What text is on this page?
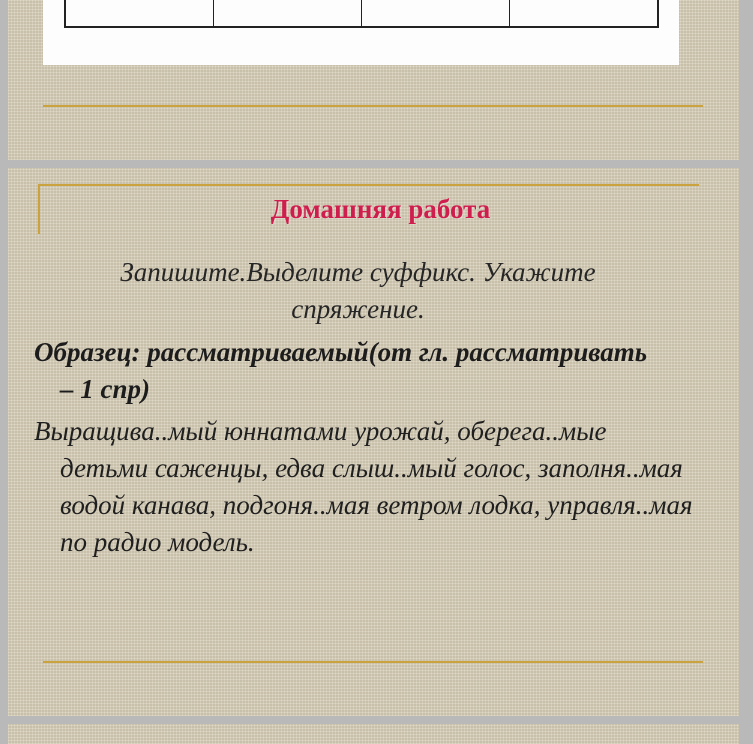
Домашняя работа
Запишите.Выделите суффикс. Укажите спряжение.
Образец: рассматриваемый(от гл. рассматривать – 1 спр)
Выращива..мый юннатами урожай, оберега..мые детьми саженцы, едва слыш..мый голос, заполня..мая водой канава, подгоня..мая ветром лодка, управля..мая по радио модель.
